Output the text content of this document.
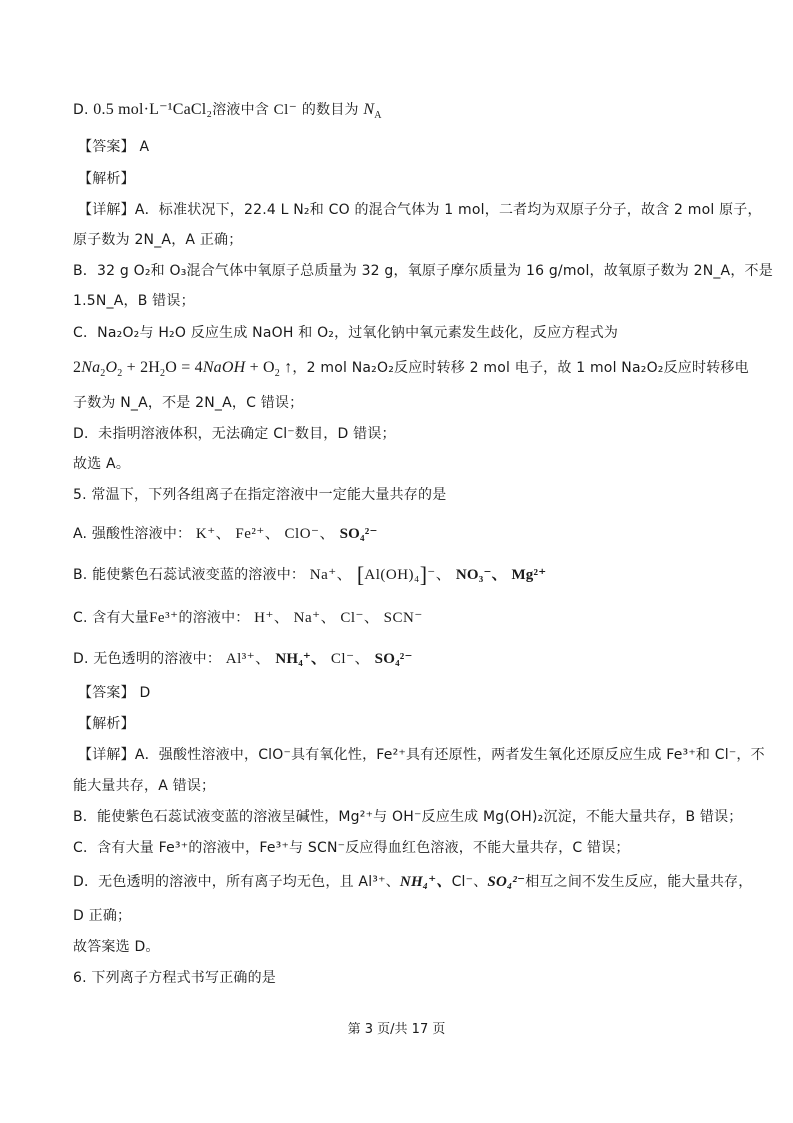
D. 0.5 mol·L⁻¹CaCl₂溶液中含 Cl⁻ 的数目为 $N_A$
【答案】 A
【解析】
【详解】A．标准状况下，22.4 L N₂和 CO 的混合气体为 1 mol，二者均为双原子分子，故含 2 mol 原子，
原子数为 2N_A，A 正确；
B．32 g O₂和 O₃混合气体中氧原子总质量为 32 g，氧原子摩尔质量为 16 g/mol，故氧原子数为 2N_A，不是
1.5N_A，B 错误；
C．Na₂O₂与 H₂O 反应生成 NaOH 和 O₂，过氧化钠中氧元素发生歧化，反应方程式为
$2Na_2O_2 + 2H_2O$ = 4NaOH + $O_2$ ↑，2 mol Na₂O₂反应时转移 2 mol 电子，故 1 mol Na₂O₂反应时转移电
子数为 N_A，不是 2N_A，C 错误；
D．未指明溶液体积，无法确定 Cl⁻数目，D 错误；
故选 A。
5. 常温下，下列各组离子在指定溶液中一定能大量共存的是
A. 强酸性溶液中： K⁺、 Fe²⁺、 ClO⁻、 SO₄²⁻
B. 能使紫色石蕊试液变蓝的溶液中： Na⁺、 [Al(OH)₄]⁻、 NO₃⁻、 Mg²⁺
C. 含有大量Fe³⁺的溶液中： H⁺、 Na⁺、 Cl⁻、 SCN⁻
D. 无色透明的溶液中： Al³⁺、 NH₄⁺、 Cl⁻、 SO₄²⁻
【答案】 D
【解析】
【详解】A．强酸性溶液中，ClO⁻具有氧化性，Fe²⁺具有还原性，两者发生氧化还原反应生成 Fe³⁺和 Cl⁻，不
能大量共存，A 错误；
B．能使紫色石蕊试液变蓝的溶液呈碱性，Mg²⁺与 OH⁻反应生成 Mg(OH)₂沉淀，不能大量共存，B 错误；
C．含有大量 Fe³⁺的溶液中，Fe³⁺与 SCN⁻反应得血红色溶液，不能大量共存，C 错误；
D．无色透明的溶液中，所有离子均无色，且 Al³⁺、NH₄⁺、Cl⁻、SO₄²⁻相互之间不发生反应，能大量共存，
D 正确；
故答案选 D。
6. 下列离子方程式书写正确的是
第 3 页/共 17 页
